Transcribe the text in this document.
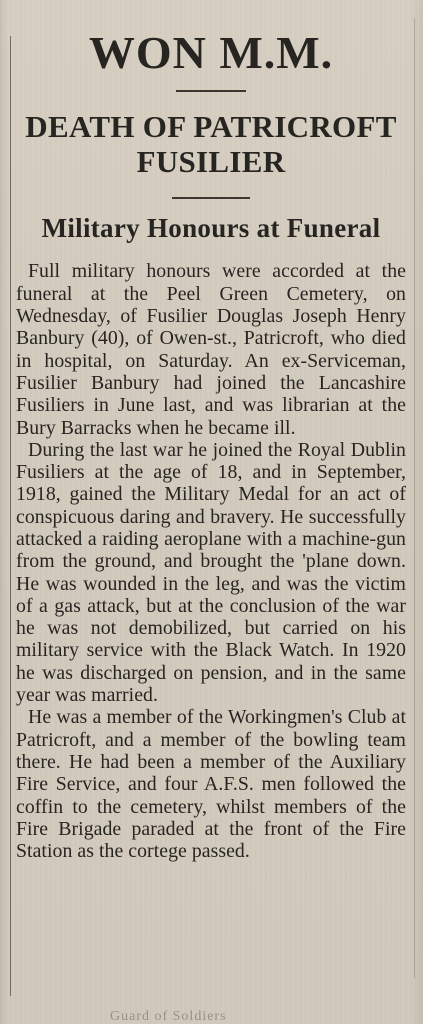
WON M.M.
DEATH OF PATRICROFT FUSILIER
Military Honours at Funeral

Full military honours were accorded at the funeral at the Peel Green Cemetery, on Wednesday, of Fusilier Douglas Joseph Henry Banbury (40), of Owen-st., Patricroft, who died in hospital, on Saturday. An ex-Serviceman, Fusilier Banbury had joined the Lancashire Fusiliers in June last, and was librarian at the Bury Barracks when he became ill.

During the last war he joined the Royal Dublin Fusiliers at the age of 18, and in September, 1918, gained the Military Medal for an act of conspicuous daring and bravery. He successfully attacked a raiding aeroplane with a machine-gun from the ground, and brought the 'plane down. He was wounded in the leg, and was the victim of a gas attack, but at the conclusion of the war he was not demobilized, but carried on his military service with the Black Watch. In 1920 he was discharged on pension, and in the same year was married.

He was a member of the Workingmen's Club at Patricroft, and a member of the bowling team there. He had been a member of the Auxiliary Fire Service, and four A.F.S. men followed the coffin to the cemetery, whilst members of the Fire Brigade paraded at the front of the Fire Station as the cortege passed.

Guard of Soldiers
